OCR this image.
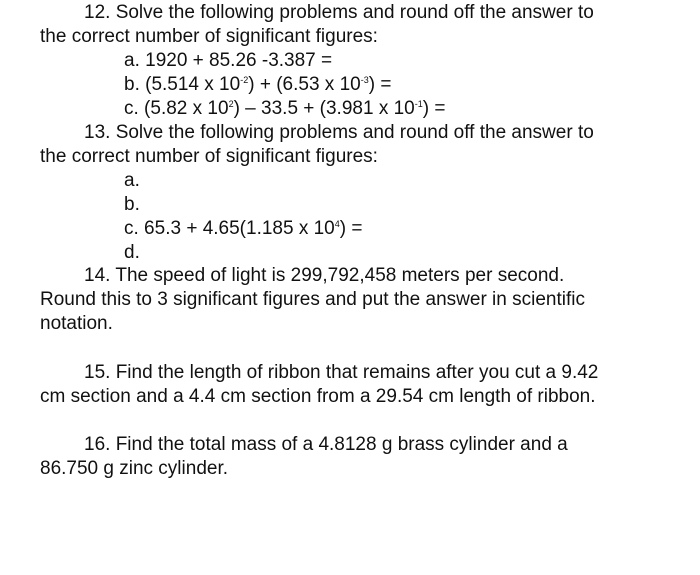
12. Solve the following problems and round off the answer to
the correct number of significant figures:
a. 1920 + 85.26 -3.387 =
b. (5.514 x $10^{-2}) + (6.53$ x $10^{-3}$) =
c. (5.82 x $10^2) - 33.5 + (3.981$ x $10^{-1}$) =
13. Solve the following problems and round off the answer to
the correct number of significant figures:
a.
b.
c. 65.3 + 4.65(1.185 x $10^4$) =
d.
14. The speed of light is 299,792,458 meters per second.
Round this to 3 significant figures and put the answer in scientific
notation.
15. Find the length of ribbon that remains after you cut a 9.42
cm section and a 4.4 cm section from a 29.54 cm length of ribbon.
16. Find the total mass of a 4.8128 g brass cylinder and a
86.750 g zinc cylinder.
